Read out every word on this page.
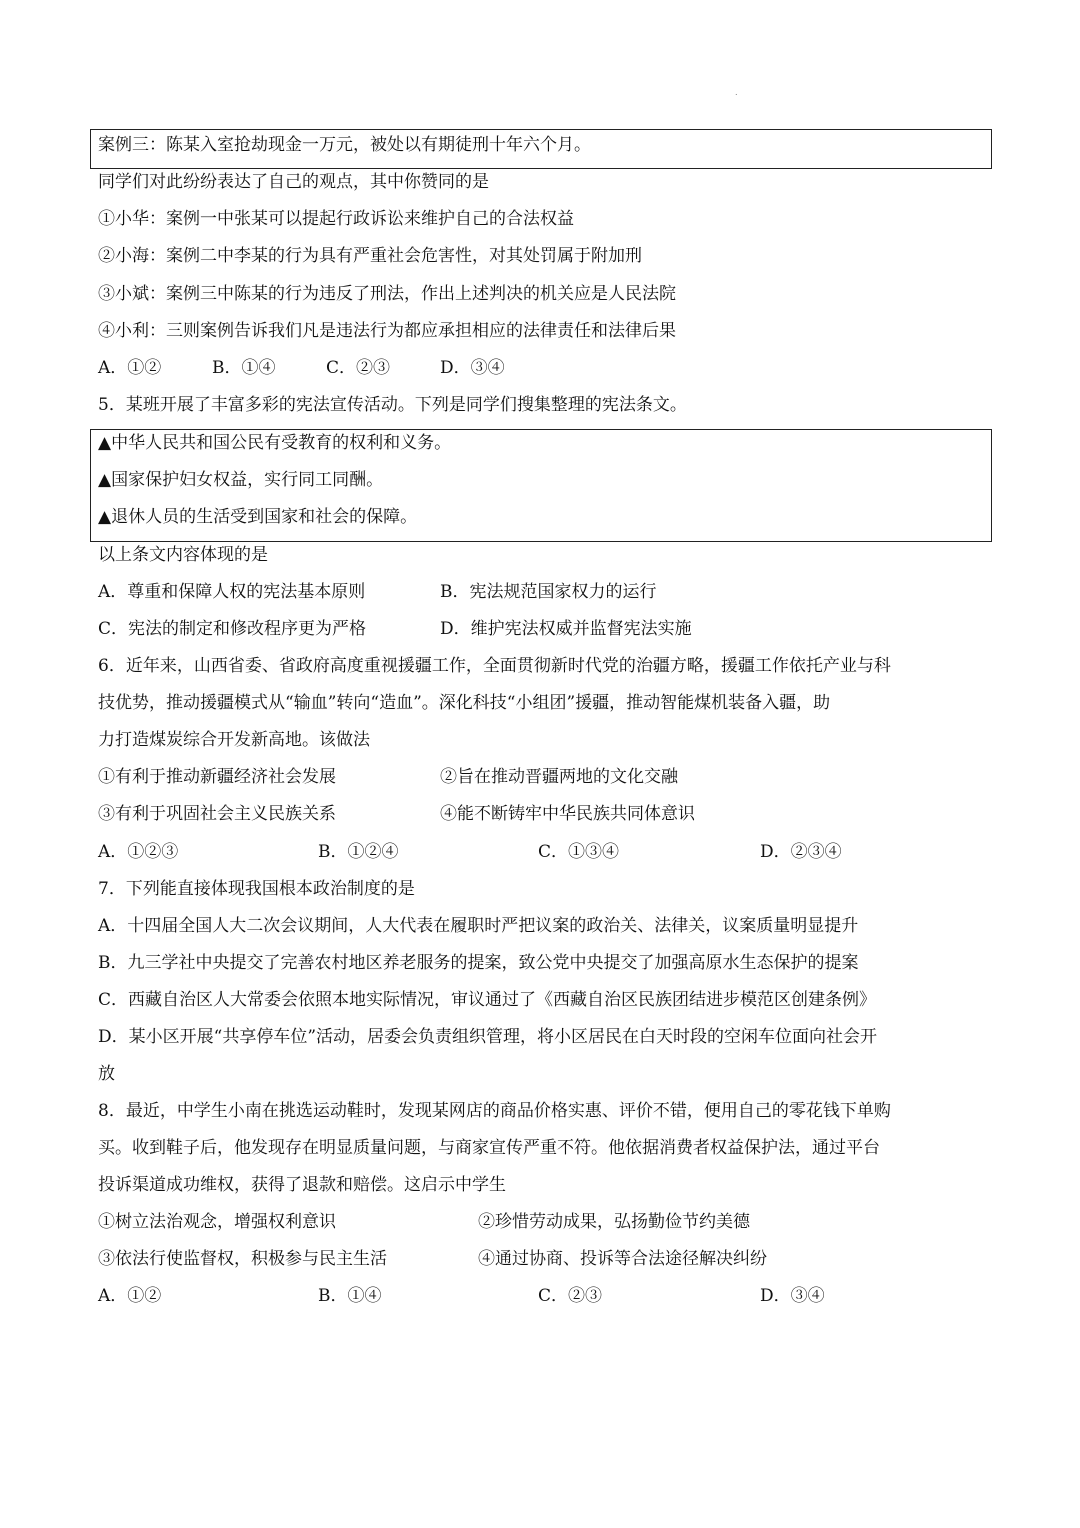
.
案例三：陈某入室抢劫现金一万元，被处以有期徒刑十年六个月。
同学们对此纷纷表达了自己的观点，其中你赞同的是
①小华：案例一中张某可以提起行政诉讼来维护自己的合法权益
②小海：案例二中李某的行为具有严重社会危害性，对其处罚属于附加刑
③小斌：案例三中陈某的行为违反了刑法，作出上述判决的机关应是人民法院
④小利：三则案例告诉我们凡是违法行为都应承担相应的法律责任和法律后果
A．①②	B．①④	C．②③	D．③④
5．某班开展了丰富多彩的宪法宣传活动。下列是同学们搜集整理的宪法条文。
▲中华人民共和国公民有受教育的权利和义务。
▲国家保护妇女权益，实行同工同酬。
▲退休人员的生活受到国家和社会的保障。
以上条文内容体现的是
A．尊重和保障人权的宪法基本原则	B．宪法规范国家权力的运行
C．宪法的制定和修改程序更为严格	D．维护宪法权威并监督宪法实施
6．近年来，山西省委、省政府高度重视援疆工作，全面贯彻新时代党的治疆方略，援疆工作依托产业与科
技优势，推动援疆模式从“输血”转向“造血”。深化科技“小组团”援疆，推动智能煤机装备入疆，助
力打造煤炭综合开发新高地。该做法
①有利于推动新疆经济社会发展	②旨在推动晋疆两地的文化交融
③有利于巩固社会主义民族关系	④能不断铸牢中华民族共同体意识
A．①②③	B．①②④	C．①③④	D．②③④
7．下列能直接体现我国根本政治制度的是
A．十四届全国人大二次会议期间，人大代表在履职时严把议案的政治关、法律关，议案质量明显提升
B．九三学社中央提交了完善农村地区养老服务的提案，致公党中央提交了加强高原水生态保护的提案
C．西藏自治区人大常委会依照本地实际情况，审议通过了《西藏自治区民族团结进步模范区创建条例》
D．某小区开展“共享停车位”活动，居委会负责组织管理，将小区居民在白天时段的空闲车位面向社会开
放
8．最近，中学生小南在挑选运动鞋时，发现某网店的商品价格实惠、评价不错，便用自己的零花钱下单购
买。收到鞋子后，他发现存在明显质量问题，与商家宣传严重不符。他依据消费者权益保护法，通过平台
投诉渠道成功维权，获得了退款和赔偿。这启示中学生
①树立法治观念，增强权利意识	②珍惜劳动成果，弘扬勤俭节约美德
③依法行使监督权，积极参与民主生活	④通过协商、投诉等合法途径解决纠纷
A．①②	B．①④	C．②③	D．③④
